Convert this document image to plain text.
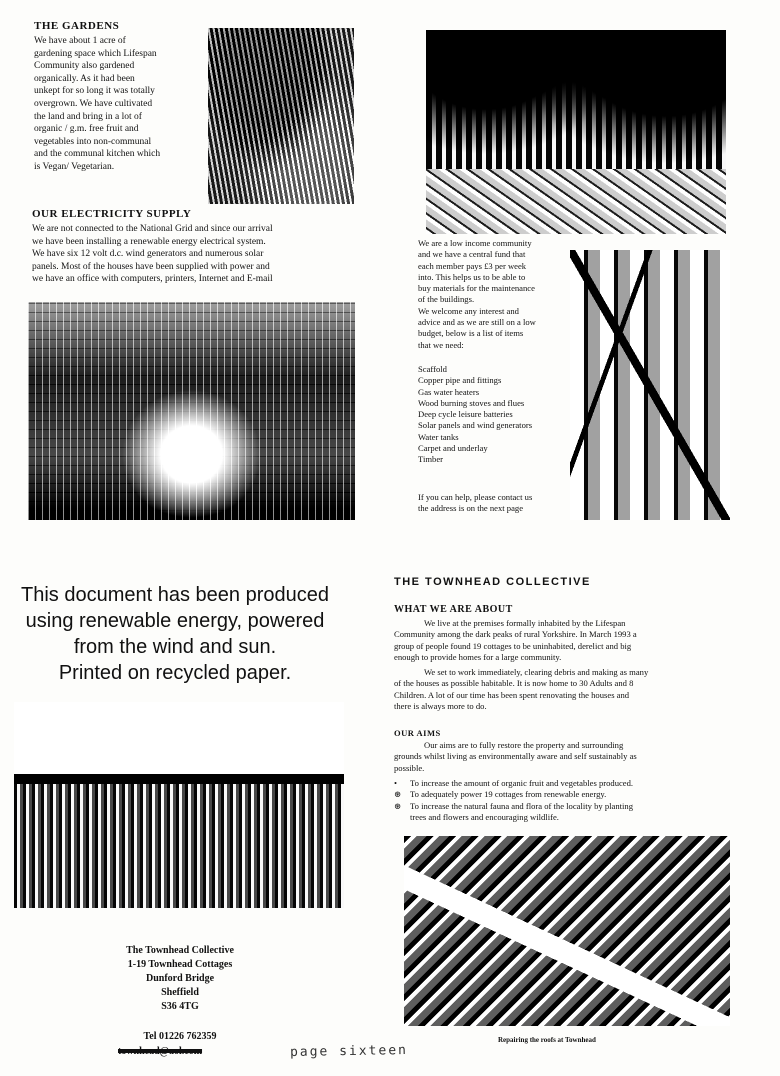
THE GARDENS
We have about 1 acre of
gardening space which Lifespan
Community also gardened
organically. As it had been
unkept for so long it was totally
overgrown. We have cultivated
the land and bring in a lot of
organic / g.m. free fruit and
vegetables into non-communal
and the communal kitchen which
is Vegan/ Vegetarian.
OUR ELECTRICITY SUPPLY
We are not connected to the National Grid and since our arrival
we have been installing a renewable energy electrical system.
We have six 12 volt d.c. wind generators and numerous solar
panels. Most of the houses have been supplied with power and
we have an office with computers, printers, Internet and E-mail
We are a low income community
and we have a central fund that
each member pays £3 per week
into. This helps us to be able to
buy materials for the maintenance
of the buildings.
We welcome any interest and
advice and as we are still on a low
budget, below is a list of items
that we need:
Scaffold
Copper pipe and fittings
Gas water heaters
Wood burning stoves and flues
Deep cycle leisure batteries
Solar panels and wind generators
Water tanks
Carpet and underlay
Timber
If you can help, please contact us
the address is on the next page
This document has been produced
using renewable energy, powered
from the wind and sun.
Printed on recycled paper.
The Townhead Collective
1-19 Townhead Cottages
Dunford Bridge
Sheffield
S36 4TG
Tel 01226 762359
townhead@aol.com	page sixteen
THE TOWNHEAD COLLECTIVE
WHAT WE ARE ABOUT
We live at the premises formally inhabited by the Lifespan
Community among the dark peaks of rural Yorkshire. In March 1993 a
group of people found 19 cottages to be uninhabited, derelict and big
enough to provide homes for a large community.
We set to work immediately, clearing debris and making as many
of the houses as possible habitable. It is now home to 30 Adults and 8
Children. A lot of our time has been spent renovating the houses and
there is always more to do.
OUR AIMS
Our aims are to fully restore the property and surrounding
grounds whilst living as environmentally aware and self sustainably as
possible.
• To increase the amount of organic fruit and vegetables produced.
⊛ To adequately power 19 cottages from renewable energy.
⊛ To increase the natural fauna and flora of the locality by planting
trees and flowers and encouraging wildlife.
Repairing the roofs at Townhead
